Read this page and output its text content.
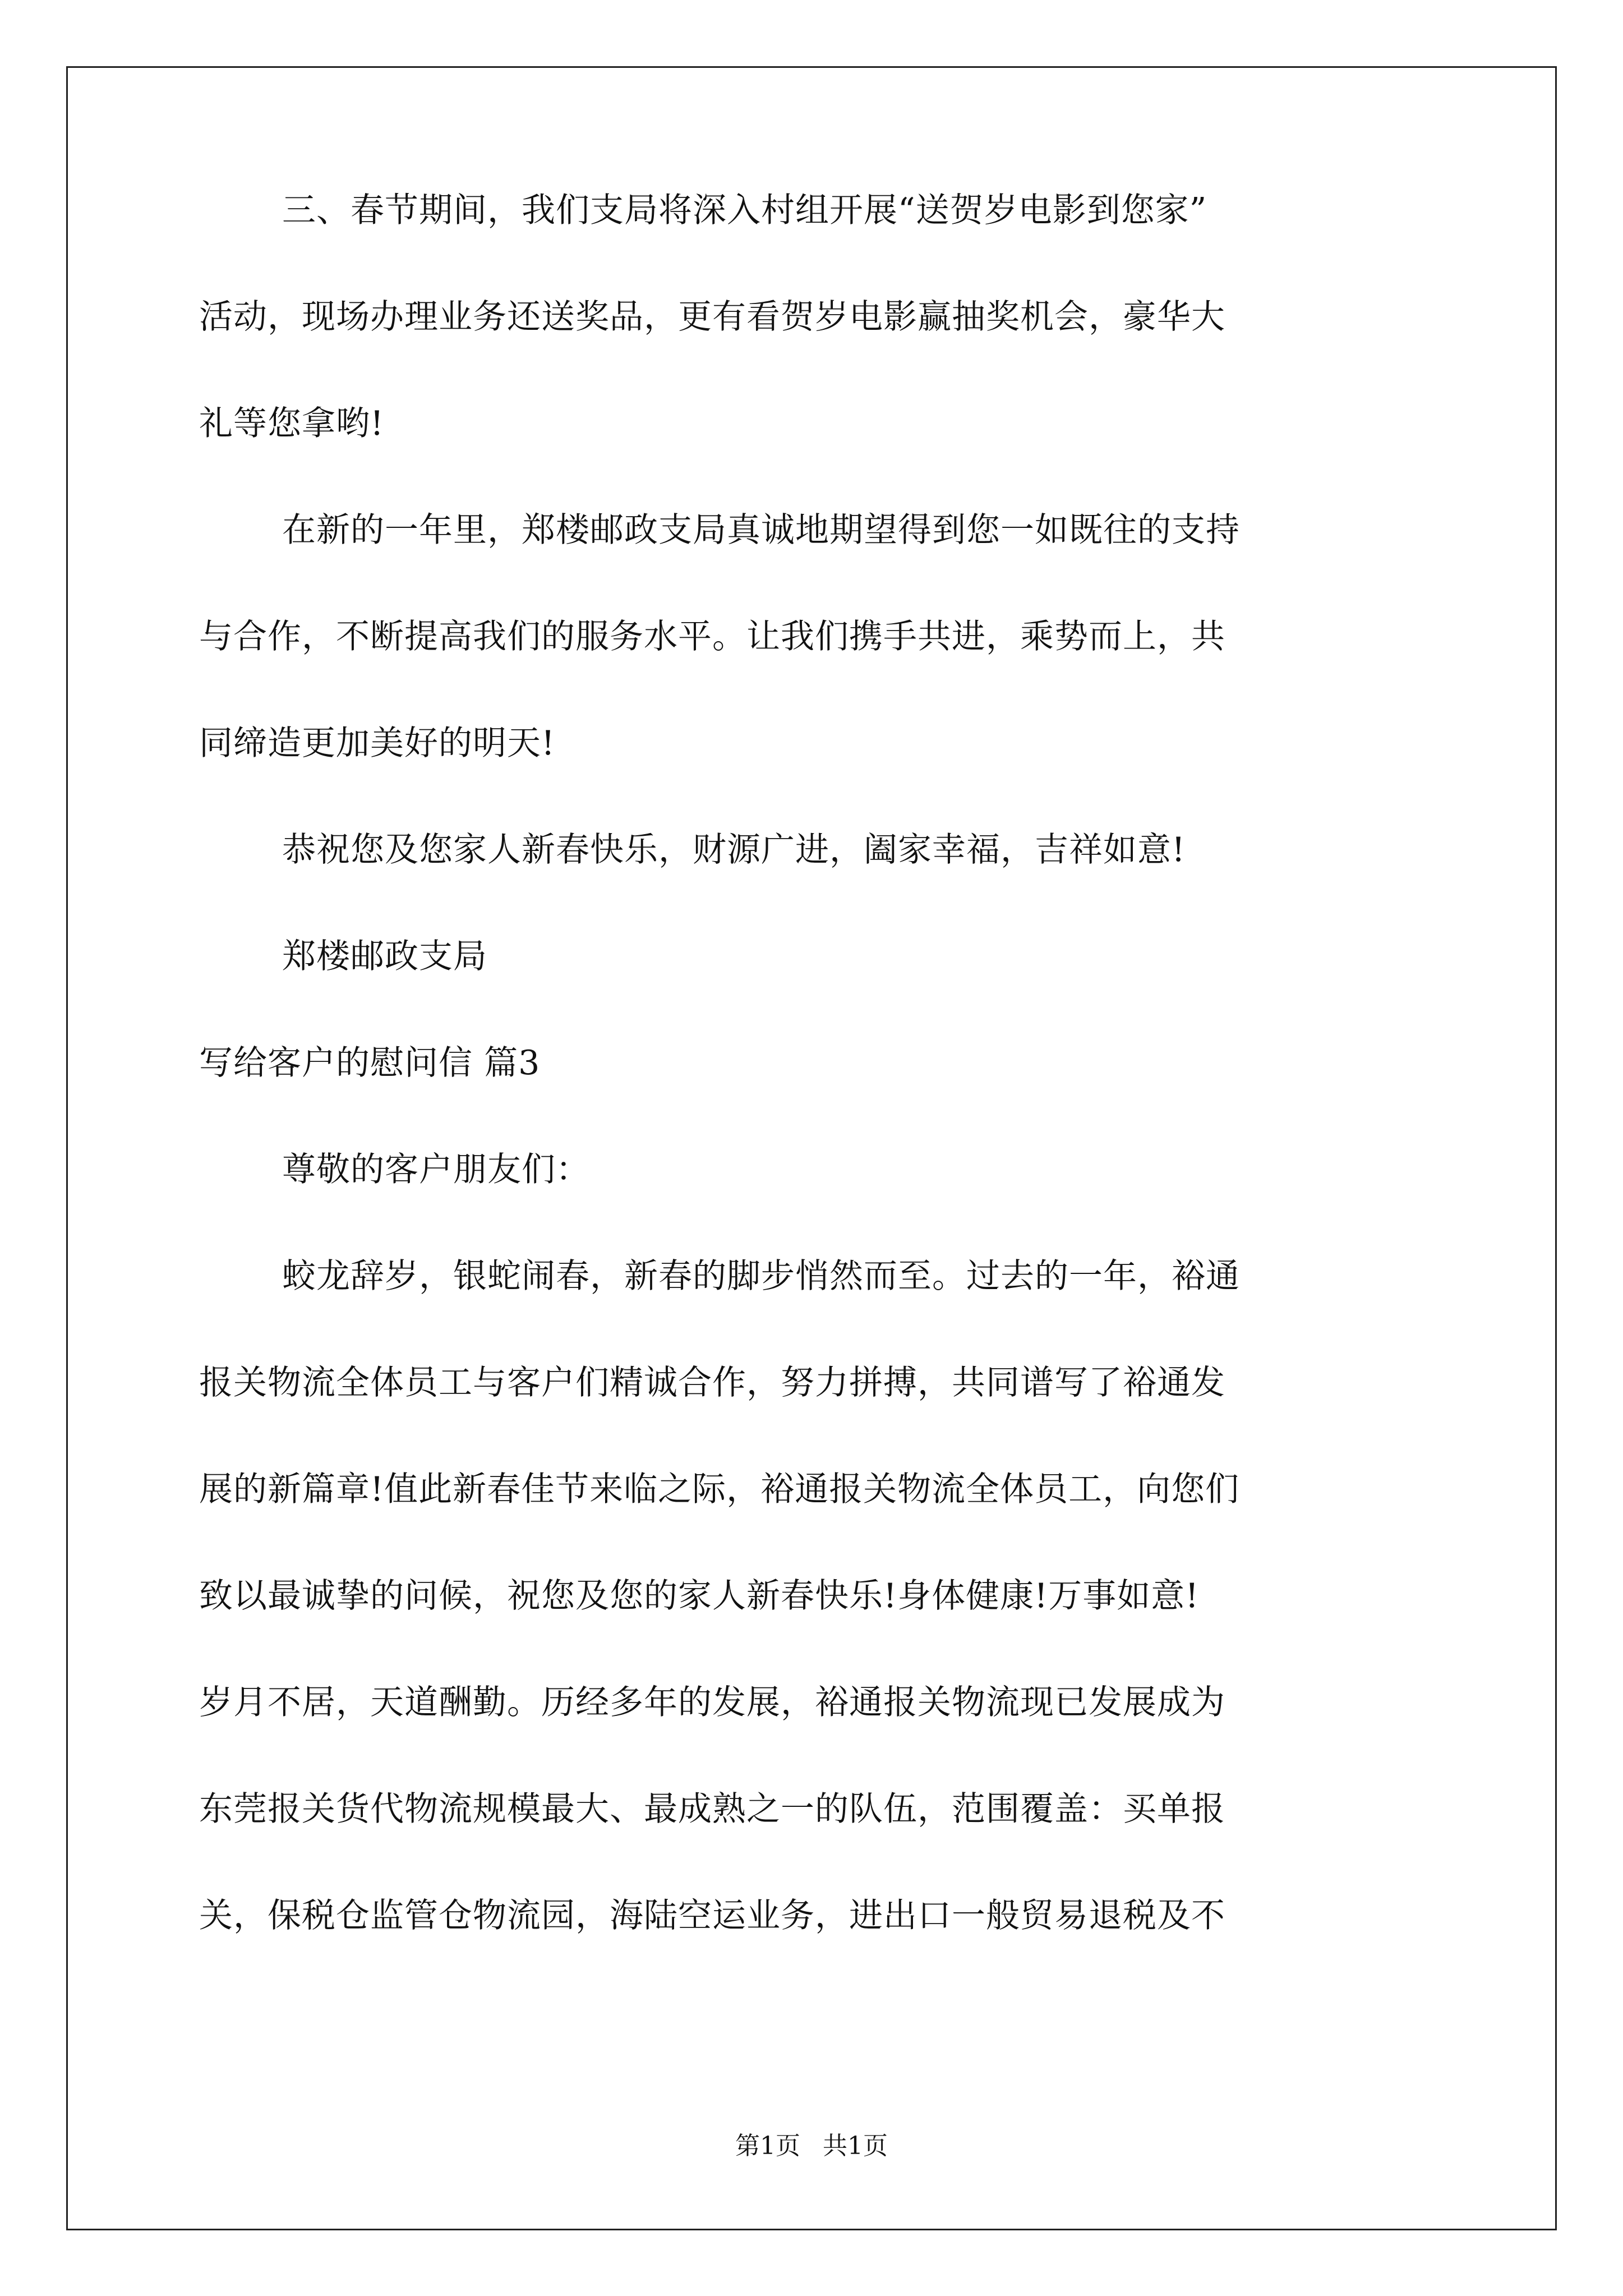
三、春节期间，我们支局将深入村组开展“送贺岁电影到您家”
活动，现场办理业务还送奖品，更有看贺岁电影赢抽奖机会，豪华大
礼等您拿哟!
在新的一年里，郑楼邮政支局真诚地期望得到您一如既往的支持
与合作，不断提高我们的服务水平。让我们携手共进，乘势而上，共
同缔造更加美好的明天!
恭祝您及您家人新春快乐，财源广进，阖家幸福，吉祥如意!
郑楼邮政支局
写给客户的慰问信 篇3
尊敬的客户朋友们：
蛟龙辞岁，银蛇闹春，新春的脚步悄然而至。过去的一年，裕通
报关物流全体员工与客户们精诚合作，努力拼搏，共同谱写了裕通发
展的新篇章!值此新春佳节来临之际，裕通报关物流全体员工，向您们
致以最诚挚的问候，祝您及您的家人新春快乐!身体健康!万事如意!
岁月不居，天道酬勤。历经多年的发展，裕通报关物流现已发展成为
东莞报关货代物流规模最大、最成熟之一的队伍，范围覆盖：买单报
关，保税仓监管仓物流园，海陆空运业务，进出口一般贸易退税及不
第1页 共1页
